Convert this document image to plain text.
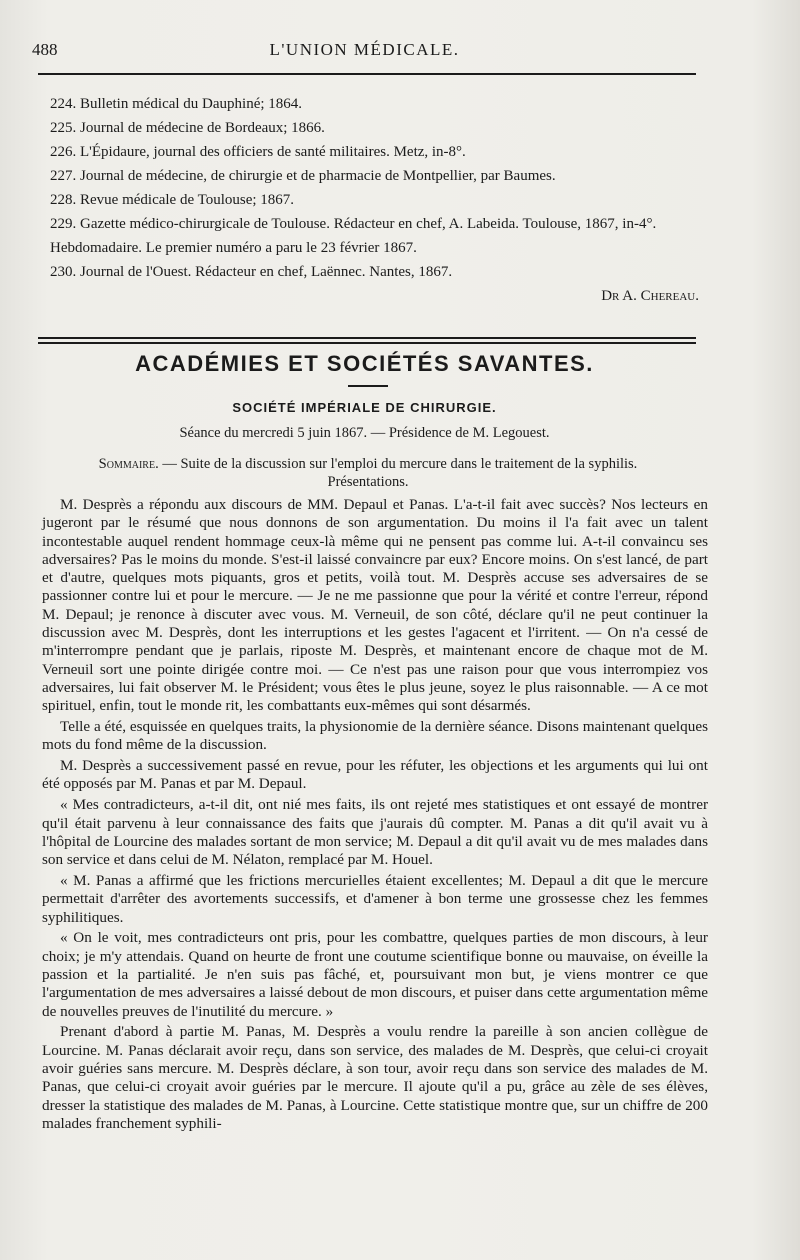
488	L'UNION MÉDICALE.
224. Bulletin médical du Dauphiné; 1864.
225. Journal de médecine de Bordeaux; 1866.
226. L'Épidaure, journal des officiers de santé militaires. Metz, in-8°.
227. Journal de médecine, de chirurgie et de pharmacie de Montpellier, par Baumes.
228. Revue médicale de Toulouse; 1867.
229. Gazette médico-chirurgicale de Toulouse. Rédacteur en chef, A. Labeida. Toulouse, 1867, in-4°.
Hebdomadaire. Le premier numéro a paru le 23 février 1867.
230. Journal de l'Ouest. Rédacteur en chef, Laënnec. Nantes, 1867.
Dr A. Chereau.
ACADÉMIES ET SOCIÉTÉS SAVANTES.
SOCIÉTÉ IMPÉRIALE DE CHIRURGIE.
Séance du mercredi 5 juin 1867. — Présidence de M. Legouest.
Sommaire. — Suite de la discussion sur l'emploi du mercure dans le traitement de la syphilis. Présentations.

M. Desprès a répondu aux discours de MM. Depaul et Panas. L'a-t-il fait avec succès? Nos lecteurs en jugeront par le résumé que nous donnons de son argumentation. Du moins il l'a fait avec un talent incontestable auquel rendent hommage ceux-là même qui ne pensent pas comme lui. A-t-il convaincu ses adversaires? Pas le moins du monde. S'est-il laissé convaincre par eux? Encore moins. On s'est lancé, de part et d'autre, quelques mots piquants, gros et petits, voilà tout. M. Desprès accuse ses adversaires de se passionner contre lui et pour le mercure. — Je ne me passionne que pour la vérité et contre l'erreur, répond M. Depaul; je renonce à discuter avec vous. M. Verneuil, de son côté, déclare qu'il ne peut continuer la discussion avec M. Desprès, dont les interruptions et les gestes l'agacent et l'irritent. — On n'a cessé de m'interrompre pendant que je parlais, riposte M. Desprès, et maintenant encore de chaque mot de M. Verneuil sort une pointe dirigée contre moi. — Ce n'est pas une raison pour que vous interrompiez vos adversaires, lui fait observer M. le Président; vous êtes le plus jeune, soyez le plus raisonnable. — A ce mot spirituel, enfin, tout le monde rit, les combattants eux-mêmes qui sont désarmés.

Telle a été, esquissée en quelques traits, la physionomie de la dernière séance. Disons maintenant quelques mots du fond même de la discussion.

M. Desprès a successivement passé en revue, pour les réfuter, les objections et les arguments qui lui ont été opposés par M. Panas et par M. Depaul.

« Mes contradicteurs, a-t-il dit, ont nié mes faits, ils ont rejeté mes statistiques et ont essayé de montrer qu'il était parvenu à leur connaissance des faits que j'aurais dû compter. M. Panas a dit qu'il avait vu à l'hôpital de Lourcine des malades sortant de mon service; M. Depaul a dit qu'il avait vu de mes malades dans son service et dans celui de M. Nélaton, remplacé par M. Houel.

« M. Panas a affirmé que les frictions mercurielles étaient excellentes; M. Depaul a dit que le mercure permettait d'arrêter des avortements successifs, et d'amener à bon terme une grossesse chez les femmes syphilitiques.

« On le voit, mes contradicteurs ont pris, pour les combattre, quelques parties de mon discours, à leur choix; je m'y attendais. Quand on heurte de front une coutume scientifique bonne ou mauvaise, on éveille la passion et la partialité. Je n'en suis pas fâché, et, poursuivant mon but, je viens montrer ce que l'argumentation de mes adversaires a laissé debout de mon discours, et puiser dans cette argumentation même de nouvelles preuves de l'inutilité du mercure. »

Prenant d'abord à partie M. Panas, M. Desprès a voulu rendre la pareille à son ancien collègue de Lourcine. M. Panas déclarait avoir reçu, dans son service, des malades de M. Desprès, que celui-ci croyait avoir guéries sans mercure. M. Desprès déclare, à son tour, avoir reçu dans son service des malades de M. Panas, que celui-ci croyait avoir guéries par le mercure. Il ajoute qu'il a pu, grâce au zèle de ses élèves, dresser la statistique des malades de M. Panas, à Lourcine. Cette statistique montre que, sur un chiffre de 200 malades franchement syphili-
